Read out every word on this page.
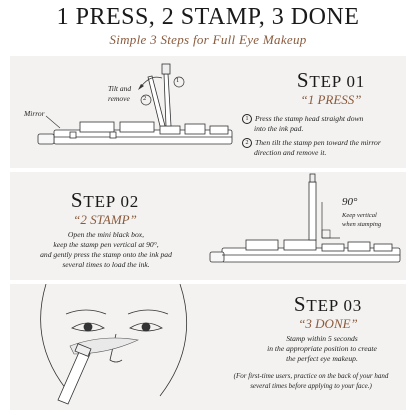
1 PRESS, 2 STAMP, 3 DONE
Simple 3 Steps for Full Eye Makeup
1
2
Tilt and
remove
Mirror
STEP 01
“1 PRESS”
1 Press the stamp head straight down
into the ink pad.
2 Then tilt the stamp pen toward the mirror
direction and remove it.
STEP 02
“2 STAMP”
Open the mini black box,
keep the stamp pen vertical at 90°,
and gently press the stamp onto the ink pad
several times to load the ink.
90°
Keep vertical
when stamping
STEP 03
“3 DONE”
Stamp within 5 seconds
in the appropriate position to create
the perfect eye makeup.
(For first-time users, practice on the back of your hand
several times before applying to your face.)
